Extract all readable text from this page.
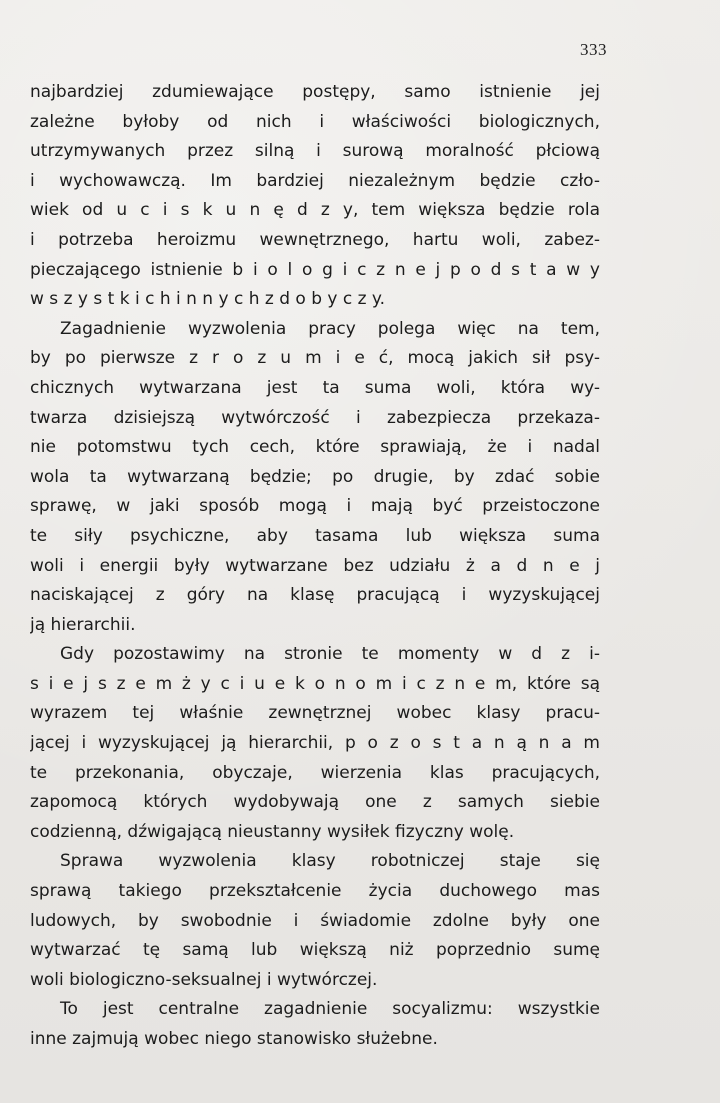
333
najbardziej zdumiewające postępy, samo istnienie jej
zależne byłoby od nich i właściwości biologicznych,
utrzymywanych przez silną i surową moralność płciową
i wychowawczą. Im bardziej niezależnym będzie czło-
wiek od u c i s k u n ę d z y, tem większa będzie rola
i potrzeba heroizmu wewnętrznego, hartu woli, zabez-
pieczającego istnienie b i o l o g i c z n e j p o d s t a w y
w s z y s t k i c h i n n y c h z d o b y c z y.
Zagadnienie wyzwolenia pracy polega więc na tem,
by po pierwsze z r o z u m i e ć, mocą jakich sił psy-
chicznych wytwarzana jest ta suma woli, która wy-
twarza dzisiejszą wytwórczość i zabezpiecza przekaza-
nie potomstwu tych cech, które sprawiają, że i nadal
wola ta wytwarzaną będzie; po drugie, by zdać sobie
sprawę, w jaki sposób mogą i mają być przeistoczone
te siły psychiczne, aby tasama lub większa suma
woli i energii były wytwarzane bez udziału ż a d n e j
naciskającej z góry na klasę pracującą i wyzyskującej
ją hierarchii.
Gdy pozostawimy na stronie te momenty w d z i-
s i e j s z e m ż y c i u e k o n o m i c z n e m, które są
wyrazem tej właśnie zewnętrznej wobec klasy pracu-
jącej i wyzyskującej ją hierarchii, p o z o s t a n ą n a m
te przekonania, obyczaje, wierzenia klas pracujących,
zapomocą których wydobywają one z samych siebie
codzienną, dźwigającą nieustanny wysiłek fizyczny wolę.
Sprawa wyzwolenia klasy robotniczej staje się
sprawą takiego przekształcenie życia duchowego mas
ludowych, by swobodnie i świadomie zdolne były one
wytwarzać tę samą lub większą niż poprzednio sumę
woli biologiczno-seksualnej i wytwórczej.
To jest centralne zagadnienie socyalizmu: wszystkie
inne zajmują wobec niego stanowisko służebne.
